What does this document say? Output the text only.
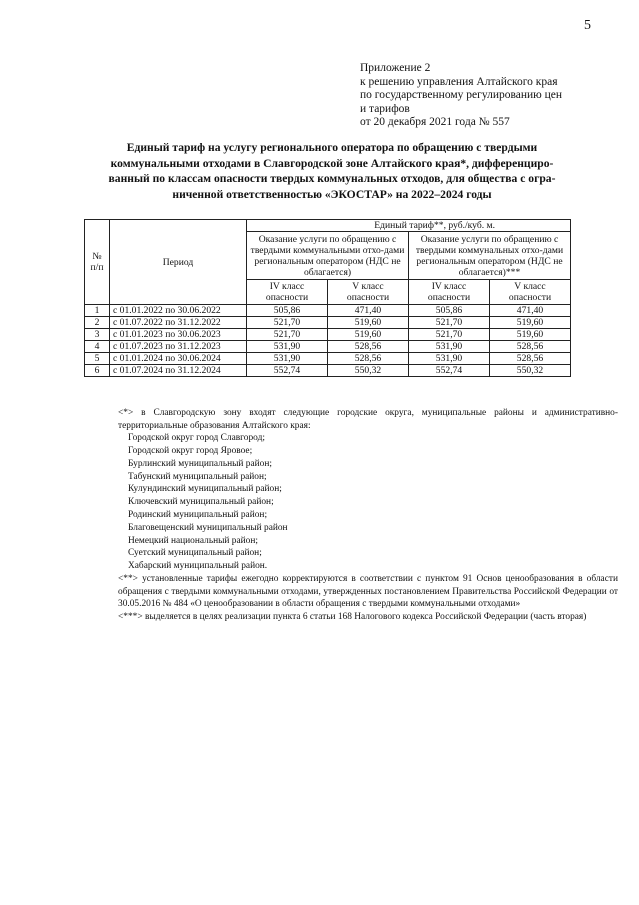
5
Приложение 2
к решению управления Алтайского края
по государственному регулированию цен
и тарифов
от 20 декабря 2021 года № 557
Единый тариф на услугу регионального оператора по обращению с твердыми
коммунальными отходами в Славгородской зоне Алтайского края*, дифференциро-
ванный по классам опасности твердых коммунальных отходов, для общества с огра-
ниченной ответственностью «ЭКОСТАР» на 2022–2024 годы
№ п/п	Период	Единый тариф**, руб./куб. м.			
		Оказание услуги по обращению с твердыми коммунальными отхо-дами региональным оператором (НДС не облагается)		Оказание услуги по обращению с твердыми коммунальных отхо-дами региональным оператором (НДС не облагается)***	
		IV класс опасности	V класс опасности	IV класс опасности	V класс опасности
1	с 01.01.2022 по 30.06.2022	505,86	471,40	505,86	471,40
2	с 01.07.2022 по 31.12.2022	521,70	519,60	521,70	519,60
3	с 01.01.2023 по 30.06.2023	521,70	519,60	521,70	519,60
4	с 01.07.2023 по 31.12.2023	531,90	528,56	531,90	528,56
5	с 01.01.2024 по 30.06.2024	531,90	528,56	531,90	528,56
6	с 01.07.2024 по 31.12.2024	552,74	550,32	552,74	550,32
<*> в Славгородскую зону входят следующие городские округа, муниципальные районы и административно-территориальные образования Алтайского края:
Городской округ город Славгород;
Городской округ город Яровое;
Бурлинский муниципальный район;
Табунский муниципальный район;
Кулундинский муниципальный район;
Ключевский муниципальный район;
Родинский муниципальный район;
Благовещенский муниципальный район
Немецкий национальный район;
Суетский муниципальный район;
Хабарский муниципальный район.
<**> установленные тарифы ежегодно корректируются в соответствии с пунктом 91 Основ ценообразования в области обращения с твердыми коммунальными отходами, утвержденных постановлением Правительства Российской Федерации от 30.05.2016 № 484 «О ценообразовании в области обращения с твердыми коммунальными отходами»
<***> выделяется в целях реализации пункта 6 статьи 168 Налогового кодекса Российской Федерации (часть вторая)
